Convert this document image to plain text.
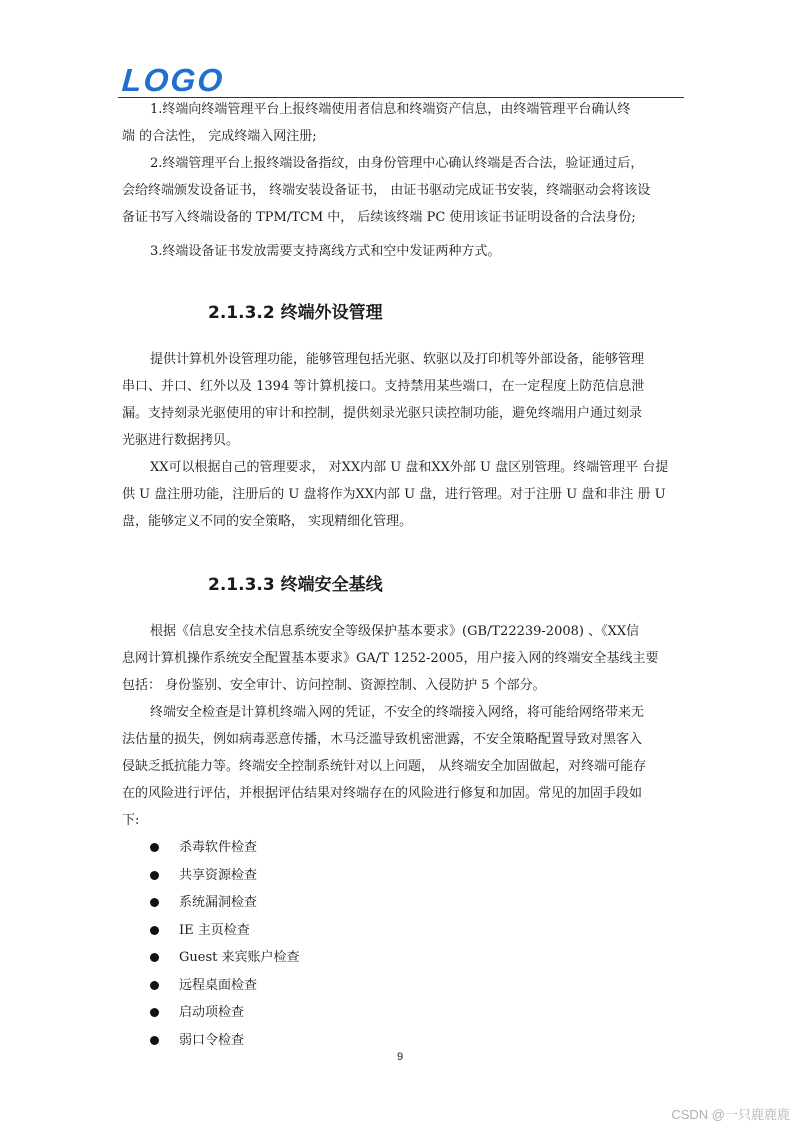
LOGO

1.终端向终端管理平台上报终端使用者信息和终端资产信息，由终端管理平台确认终

端 的合法性， 完成终端入网注册;

2.终端管理平台上报终端设备指纹，由身份管理中心确认终端是否合法，验证通过后，

会给终端颁发设备证书， 终端安装设备证书， 由证书驱动完成证书安装，终端驱动会将该设

备证书写入终端设备的 TPM/TCM 中， 后续该终端 PC 使用该证书证明设备的合法身份;

3.终端设备证书发放需要支持离线方式和空中发证两种方式。

2.1.3.2 终端外设管理

提供计算机外设管理功能，能够管理包括光驱、软驱以及打印机等外部设备，能够管理

串口、并口、红外以及 1394 等计算机接口。支持禁用某些端口，在一定程度上防范信息泄

漏。支持刻录光驱使用的审计和控制，提供刻录光驱只读控制功能，避免终端用户通过刻录

光驱进行数据拷贝。

XX可以根据自己的管理要求， 对XX内部 U 盘和XX外部 U 盘区别管理。终端管理平 台提

供 U 盘注册功能，注册后的 U 盘将作为XX内部 U 盘，进行管理。对于注册 U 盘和非注 册 U

盘，能够定义不同的安全策略， 实现精细化管理。

2.1.3.3 终端安全基线

根据《信息安全技术信息系统安全等级保护基本要求》(GB/T22239-2008) 、《XX信

息网计算机操作系统安全配置基本要求》GA/T 1252-2005，用户接入网的终端安全基线主要

包括： 身份鉴别、安全审计、访问控制、资源控制、入侵防护 5 个部分。

终端安全检查是计算机终端入网的凭证，不安全的终端接入网络，将可能给网络带来无

法估量的损失，例如病毒恶意传播，木马泛滥导致机密泄露，不安全策略配置导致对黑客入

侵缺乏抵抗能力等。终端安全控制系统针对以上问题， 从终端安全加固做起，对终端可能存

在的风险进行评估，并根据评估结果对终端存在的风险进行修复和加固。常见的加固手段如

下:

杀毒软件检查
共享资源检查
系统漏洞检查
IE 主页检查
Guest 来宾账户检查
远程桌面检查
启动项检查
弱口令检查
9
CSDN @一只鹿鹿鹿
